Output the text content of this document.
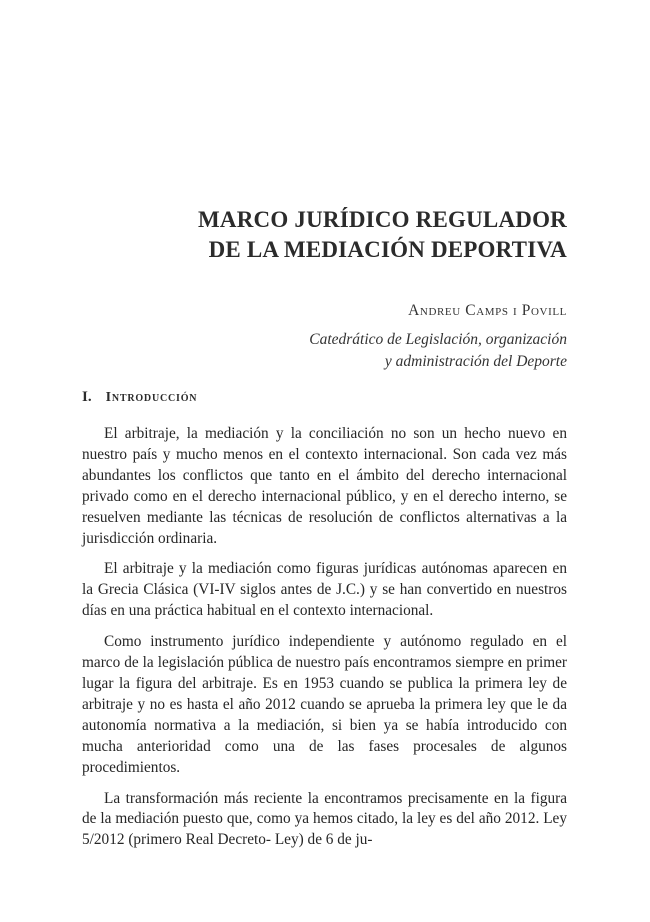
MARCO JURÍDICO REGULADOR
DE LA MEDIACIÓN DEPORTIVA
Andreu Camps i Povill
Catedrático de Legislación, organización
y administración del Deporte
I. Introducción

El arbitraje, la mediación y la conciliación no son un hecho nuevo en nuestro país y mucho menos en el contexto internacional. Son cada vez más abundantes los conflictos que tanto en el ámbito del derecho internacional privado como en el derecho internacional público, y en el derecho interno, se resuelven mediante las técnicas de resolución de conflictos alternativas a la jurisdicción ordinaria.

El arbitraje y la mediación como figuras jurídicas autónomas aparecen en la Grecia Clásica (VI-IV siglos antes de J.C.) y se han convertido en nuestros días en una práctica habitual en el contexto internacional.

Como instrumento jurídico independiente y autónomo regulado en el marco de la legislación pública de nuestro país encontramos siempre en primer lugar la figura del arbitraje. Es en 1953 cuando se publica la primera ley de arbitraje y no es hasta el año 2012 cuando se aprueba la primera ley que le da autonomía normativa a la mediación, si bien ya se había introducido con mucha anterioridad como una de las fases procesales de algunos procedimientos.

La transformación más reciente la encontramos precisamente en la figura de la mediación puesto que, como ya hemos citado, la ley es del año 2012. Ley 5/2012 (primero Real Decreto- Ley) de 6 de ju-
